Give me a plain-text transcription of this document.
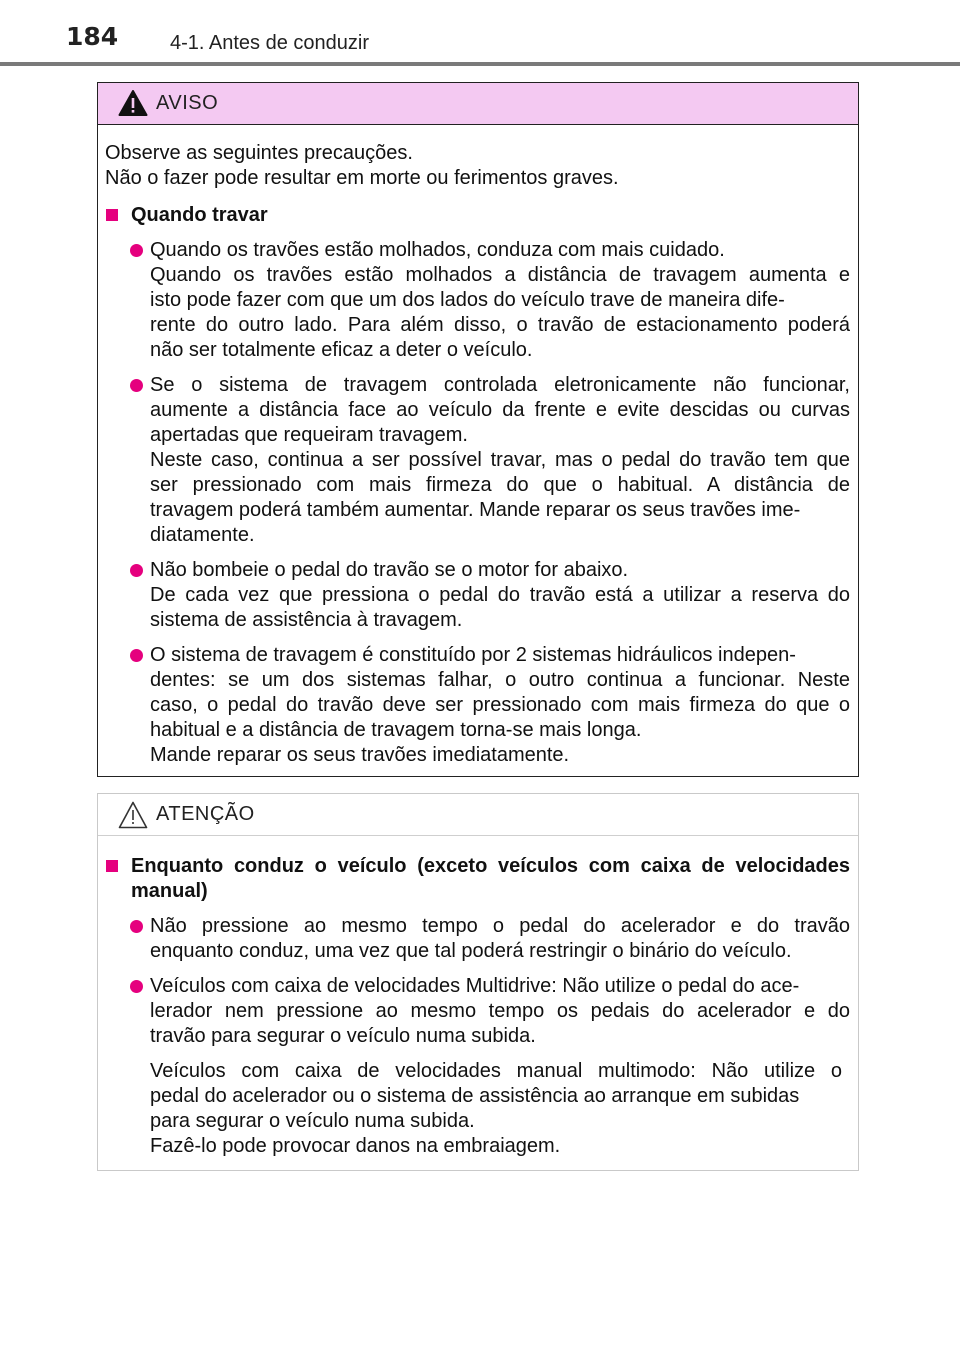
184	4-1. Antes de conduzir
AVISO

Observe as seguintes precauções.

Não o fazer pode resultar em morte ou ferimentos graves.

Quando travar
Quando os travões estão molhados, conduza com mais cuidado.
Quando os travões estão molhados a distância de travagem aumenta e
isto pode fazer com que um dos lados do veículo trave de maneira dife-
rente do outro lado. Para além disso, o travão de estacionamento poderá
não ser totalmente eficaz a deter o veículo.
Se o sistema de travagem controlada eletronicamente não funcionar,
aumente a distância face ao veículo da frente e evite descidas ou curvas
apertadas que requeiram travagem.
Neste caso, continua a ser possível travar, mas o pedal do travão tem que
ser pressionado com mais firmeza do que o habitual. A distância de
travagem poderá também aumentar. Mande reparar os seus travões ime-
diatamente.
Não bombeie o pedal do travão se o motor for abaixo.
De cada vez que pressiona o pedal do travão está a utilizar a reserva do
sistema de assistência à travagem.
O sistema de travagem é constituído por 2 sistemas hidráulicos indepen-
dentes: se um dos sistemas falhar, o outro continua a funcionar. Neste
caso, o pedal do travão deve ser pressionado com mais firmeza do que o
habitual e a distância de travagem torna-se mais longa.
Mande reparar os seus travões imediatamente.
ATENÇÃO
Enquanto conduz o veículo (exceto veículos com caixa de velocidades
manual)
Não pressione ao mesmo tempo o pedal do acelerador e do travão
enquanto conduz, uma vez que tal poderá restringir o binário do veículo.
Veículos com caixa de velocidades Multidrive: Não utilize o pedal do ace-
lerador nem pressione ao mesmo tempo os pedais do acelerador e do
travão para segurar o veículo numa subida.
Veículos com caixa de velocidades manual multimodo: Não utilize o
pedal do acelerador ou o sistema de assistência ao arranque em subidas
para segurar o veículo numa subida.
Fazê-lo pode provocar danos na embraiagem.
